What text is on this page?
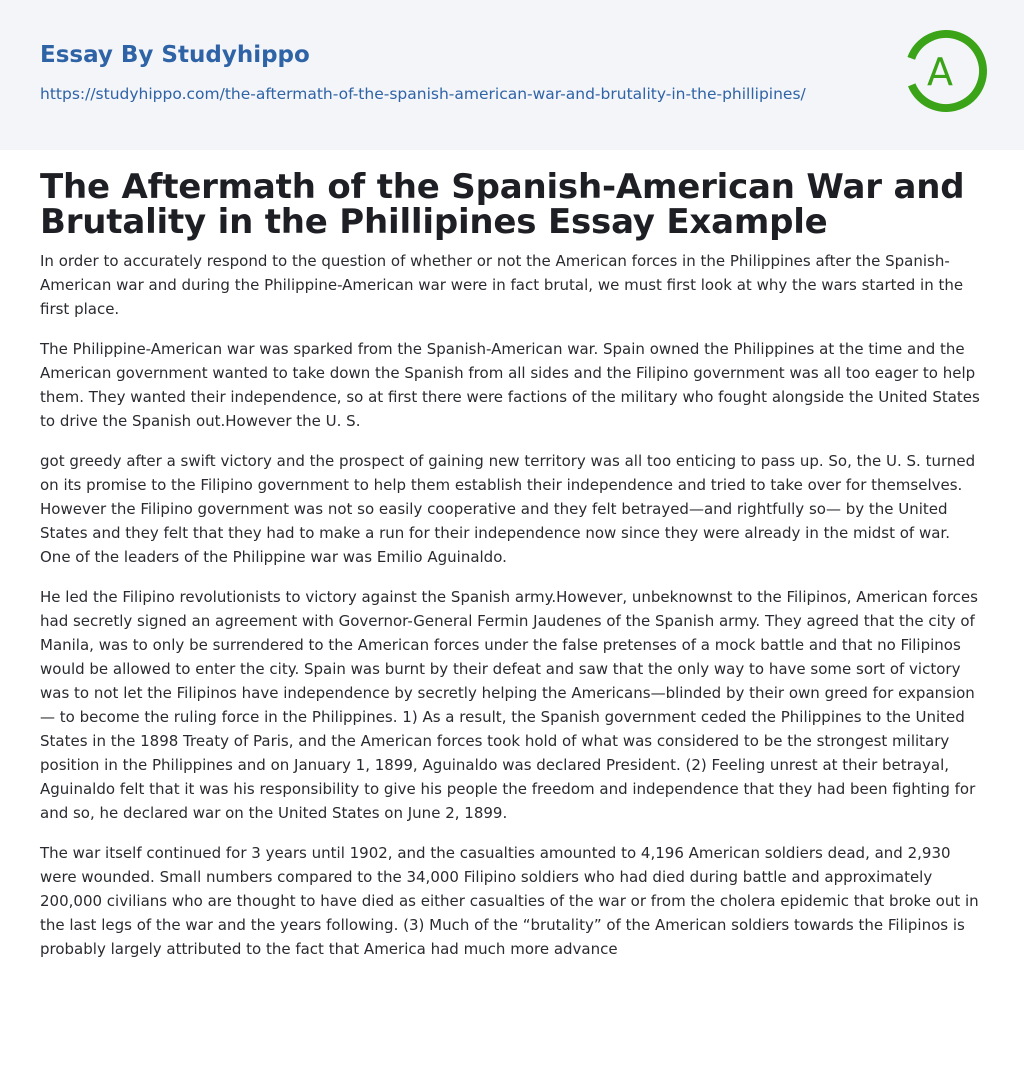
Essay By Studyhippo
https://studyhippo.com/the-aftermath-of-the-spanish-american-war-and-brutality-in-the-phillipines/	A
The Aftermath of the Spanish-American War and Brutality in the Phillipines Essay Example

In order to accurately respond to the question of whether or not the American forces in the Philippines after the Spanish-American war and during the Philippine-American war were in fact brutal, we must first look at why the wars started in the first place.

The Philippine-American war was sparked from the Spanish-American war. Spain owned the Philippines at the time and the American government wanted to take down the Spanish from all sides and the Filipino government was all too eager to help them. They wanted their independence, so at first there were factions of the military who fought alongside the United States to drive the Spanish out.However the U. S.

got greedy after a swift victory and the prospect of gaining new territory was all too enticing to pass up. So, the U. S. turned on its promise to the Filipino government to help them establish their independence and tried to take over for themselves. However the Filipino government was not so easily cooperative and they felt betrayed—and rightfully so— by the United States and they felt that they had to make a run for their independence now since they were already in the midst of war. One of the leaders of the Philippine war was Emilio Aguinaldo.

He led the Filipino revolutionists to victory against the Spanish army.However, unbeknownst to the Filipinos, American forces had secretly signed an agreement with Governor-General Fermin Jaudenes of the Spanish army. They agreed that the city of Manila, was to only be surrendered to the American forces under the false pretenses of a mock battle and that no Filipinos would be allowed to enter the city. Spain was burnt by their defeat and saw that the only way to have some sort of victory was to not let the Filipinos have independence by secretly helping the Americans—blinded by their own greed for expansion— to become the ruling force in the Philippines. 1) As a result, the Spanish government ceded the Philippines to the United States in the 1898 Treaty of Paris, and the American forces took hold of what was considered to be the strongest military position in the Philippines and on January 1, 1899, Aguinaldo was declared President. (2) Feeling unrest at their betrayal, Aguinaldo felt that it was his responsibility to give his people the freedom and independence that they had been fighting for and so, he declared war on the United States on June 2, 1899.

The war itself continued for 3 years until 1902, and the casualties amounted to 4,196 American soldiers dead, and 2,930 were wounded. Small numbers compared to the 34,000 Filipino soldiers who had died during battle and approximately 200,000 civilians who are thought to have died as either casualties of the war or from the cholera epidemic that broke out in the last legs of the war and the years following. (3) Much of the “brutality” of the American soldiers towards the Filipinos is probably largely attributed to the fact that America had much more advance
